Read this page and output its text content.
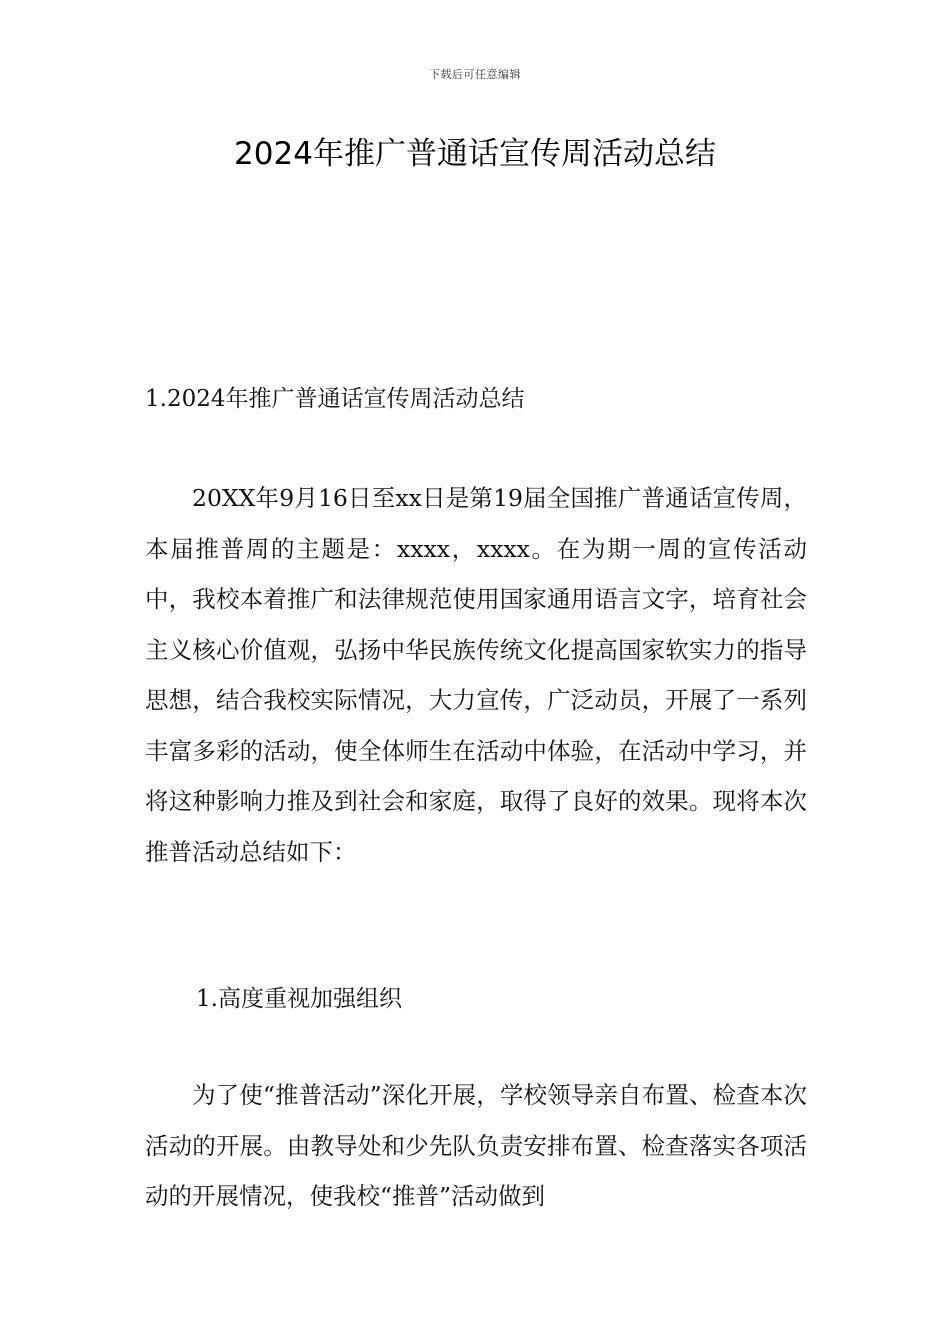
下载后可任意编辑
2024年推广普通话宣传周活动总结

1.2024年推广普通话宣传周活动总结

20XX年9月16日至xx日是第19届全国推广普通话宣传周，本届推普周的主题是：xxxx，xxxx。在为期一周的宣传活动中，我校本着推广和法律规范使用国家通用语言文字，培育社会主义核心价值观，弘扬中华民族传统文化提高国家软实力的指导思想，结合我校实际情况，大力宣传，广泛动员，开展了一系列丰富多彩的活动，使全体师生在活动中体验，在活动中学习，并将这种影响力推及到社会和家庭，取得了良好的效果。现将本次推普活动总结如下：

1.高度重视加强组织

为了使“推普活动”深化开展，学校领导亲自布置、检查本次活动的开展。由教导处和少先队负责安排布置、检查落实各项活动的开展情况，使我校“推普”活动做到
